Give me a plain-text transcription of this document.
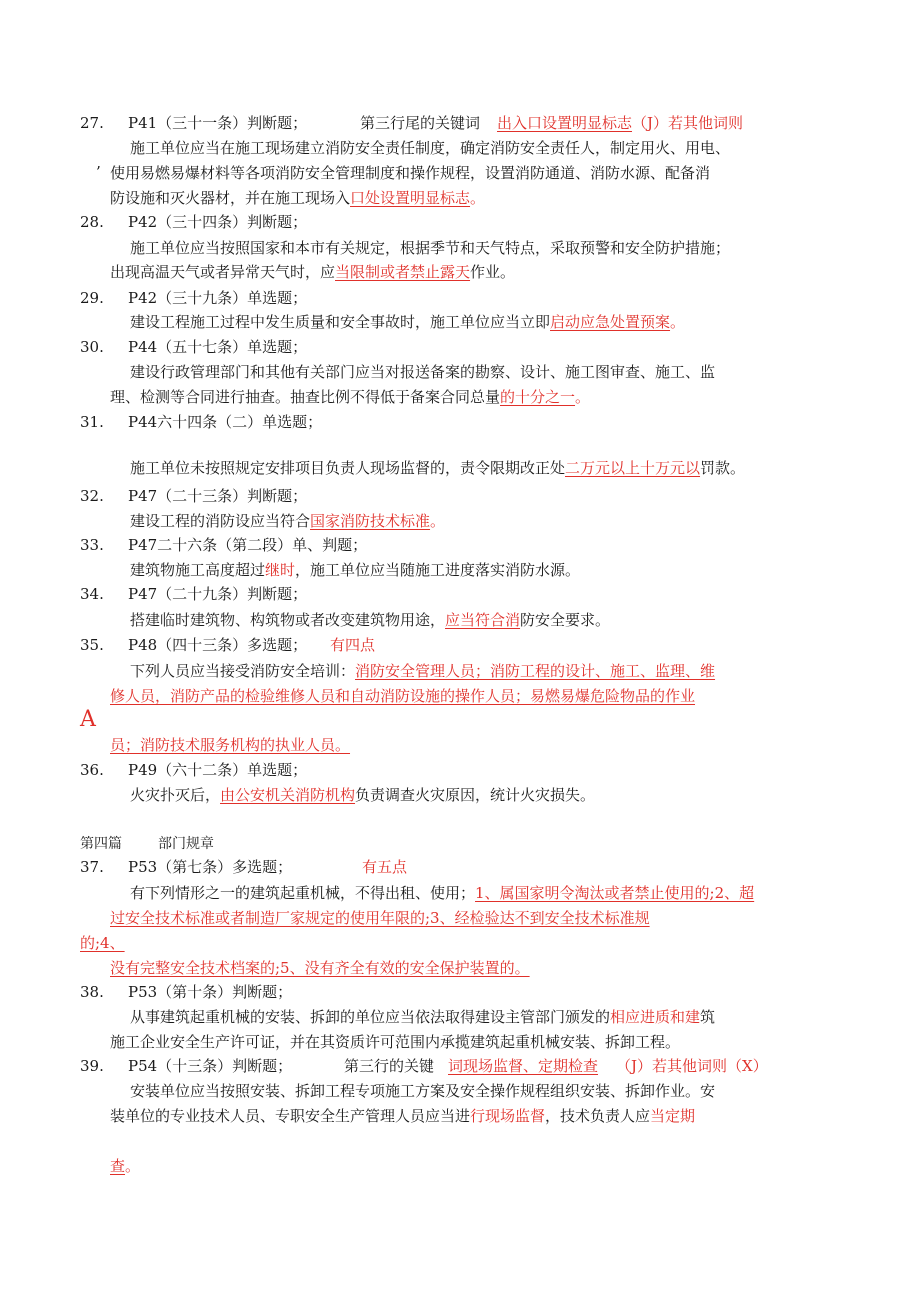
27. P41（三十一条）判断题；	第三行尾的关键词 出入口设置明显标志 （J）若其他词则
施工单位应当在施工现场建立消防安全责任制度，确定消防安全责任人，制定用火、用电、
’ 使用易燃易爆材料等各项消防安全管理制度和操作规程，设置消防通道、消防水源、配备消
防设施和灭火器材，并在施工现场入口处设置明显标志。
28. P42（三十四条）判断题；
施工单位应当按照国家和本市有关规定，根据季节和天气特点，采取预警和安全防护措施；
出现高温天气或者异常天气时，应当限制或者禁止露天作业。
29. P42（三十九条）单选题；
建设工程施工过程中发生质量和安全事故时，施工单位应当立即启动应急处置预案。
30. P44（五十七条）单选题；
建设行政管理部门和其他有关部门应当对报送备案的勘察、设计、施工图审查、施工、监
理、检测等合同进行抽查。抽查比例不得低于备案合同总量的十分之一。
31. P44六十四条（二）单选题；
施工单位未按照规定安排项目负责人现场监督的，责令限期改正处二万元以上十万元以罚款。
32. P47（二十三条）判断题；
建设工程的消防设应当符合国家消防技术标准。
33. P47二十六条（第二段）单、判题；
建筑物施工高度超过继时，施工单位应当随施工进度落实消防水源。
34. P47（二十九条）判断题；
搭建临时建筑物、构筑物或者改变建筑物用途，应当符合消防安全要求。
35. P48（四十三条）多选题； 有四点
下列人员应当接受消防安全培训：消防安全管理人员；消防工程的设计、施工、监理、维
修人员，消防产品的检验维修人员和自动消防设施的操作人员；易燃易爆危险物品的作业
A
员；消防技术服务机构的执业人员。
36. P49（六十二条）单选题；
火灾扑灭后，由公安机关消防机构负责调查火灾原因，统计火灾损失。
第四篇	部门规章
37. P53（第七条）多选题；	有五点
有下列情形之一的建筑起重机械，不得出租、使用；1、属国家明令淘汰或者禁止使用的;2、超
过安全技术标准或者制造厂家规定的使用年限的;3、经检验达不到安全技术标准规
的;4、
没有完整安全技术档案的;5、没有齐全有效的安全保护装置的。
38. P53（第十条）判断题；
从事建筑起重机械的安装、拆卸的单位应当依法取得建设主管部门颁发的相应进质和建筑
施工企业安全生产许可证，并在其资质许可范围内承揽建筑起重机械安装、拆卸工程。
39. P54（十三条）判断题；	第三行的关键 词现场监督、定期检查 （J）若其他词则（X）
安装单位应当按照安装、拆卸工程专项施工方案及安全操作规程组织安装、拆卸作业。安
装单位的专业技术人员、专职安全生产管理人员应当进行现场监督，技术负责人应当定期
查。
